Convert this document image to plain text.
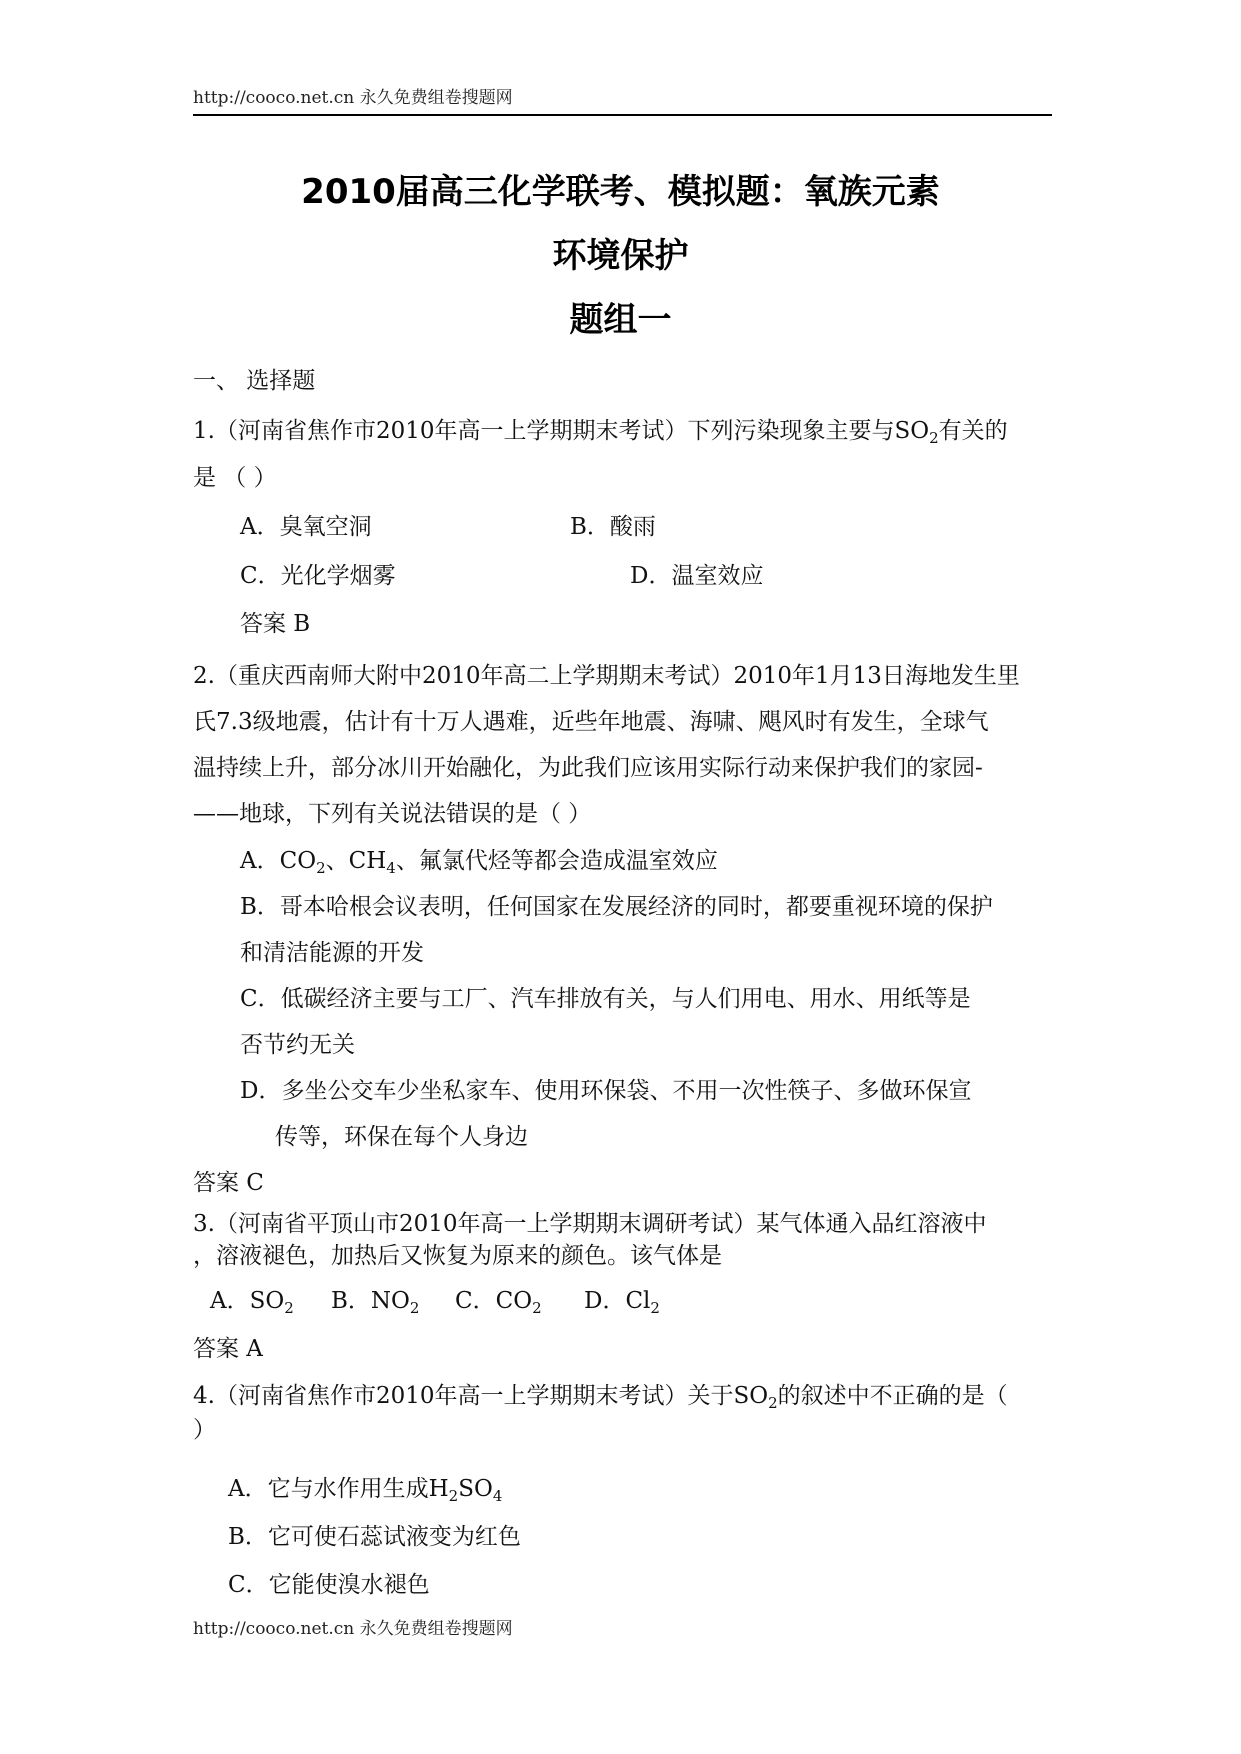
http://cooco.net.cn 永久免费组卷搜题网
2010届高三化学联考、模拟题：氧族元素
环境保护
题组一
一、 选择题
1.（河南省焦作市2010年高一上学期期末考试）下列污染现象主要与$SO_2$有关的
是 （ ）
A．臭氧空洞	B．酸雨
C．光化学烟雾	D．温室效应
答案 B
2.（重庆西南师大附中2010年高二上学期期末考试）2010年1月13日海地发生里
氏7.3级地震，估计有十万人遇难，近些年地震、海啸、飓风时有发生，全球气
温持续上升，部分冰川开始融化，为此我们应该用实际行动来保护我们的家园-
——地球，下列有关说法错误的是（ ）
A．$CO_2$、$CH_4$、氟氯代烃等都会造成温室效应
B．哥本哈根会议表明，任何国家在发展经济的同时，都要重视环境的保护
和清洁能源的开发
C．低碳经济主要与工厂、汽车排放有关，与人们用电、用水、用纸等是
否节约无关
D．多坐公交车少坐私家车、使用环保袋、不用一次性筷子、多做环保宣
传等，环保在每个人身边
答案 C
3.（河南省平顶山市2010年高一上学期期末调研考试）某气体通入品红溶液中
，溶液褪色，加热后又恢复为原来的颜色。该气体是
A．$SO_2$ B．$NO_2$ C．$CO_2$ D．$Cl_2$
答案 A
4.（河南省焦作市2010年高一上学期期末考试）关于$SO_2$的叙述中不正确的是（
）
A．它与水作用生成$H_2SO_4$
B．它可使石蕊试液变为红色
C．它能使溴水褪色
http://cooco.net.cn 永久免费组卷搜题网
